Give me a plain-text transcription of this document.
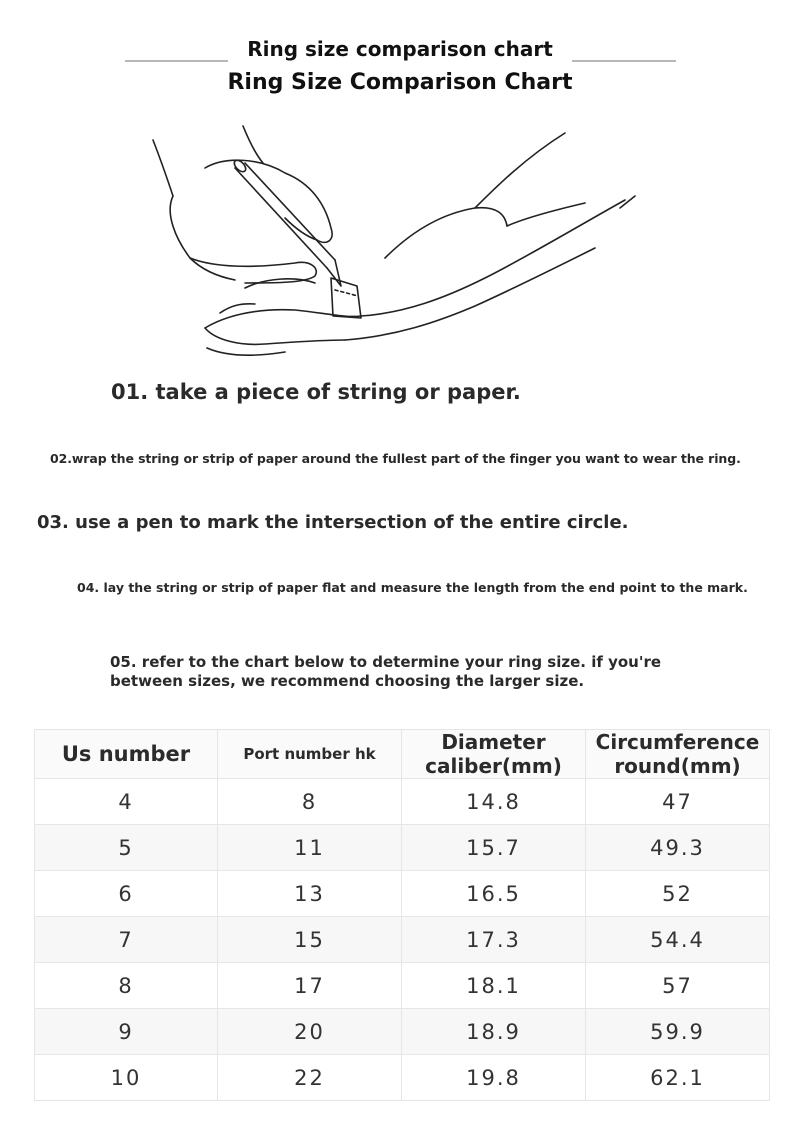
Ring size comparison chart
Ring Size Comparison Chart
01. take a piece of string or paper.
02.wrap the string or strip of paper around the fullest part of the finger you want to wear the ring.
03. use a pen to mark the intersection of the entire circle.
04. lay the string or strip of paper flat and measure the length from the end point to the mark.
05. refer to the chart below to determine your ring size. if you're between sizes, we recommend choosing the larger size.
Us number	Port number hk	Diameter caliber(mm)	Circumference round(mm)
4	8	14.8	47
5	11	15.7	49.3
6	13	16.5	52
7	15	17.3	54.4
8	17	18.1	57
9	20	18.9	59.9
10	22	19.8	62.1
